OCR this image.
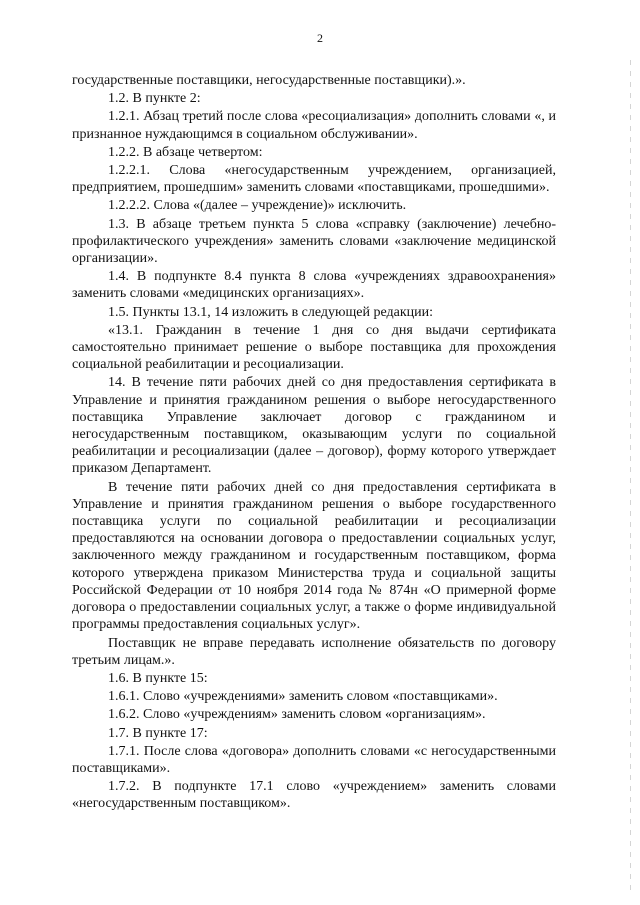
2

государственные поставщики, негосударственные поставщики).».

1.2. В пункте 2:

1.2.1. Абзац третий после слова «ресоциализация» дополнить словами «, и признанное нуждающимся в социальном обслуживании».

1.2.2. В абзаце четвертом:

1.2.2.1. Слова «негосударственным учреждением, организацией, предприятием, прошедшим» заменить словами «поставщиками, прошедшими».

1.2.2.2. Слова «(далее – учреждение)» исключить.

1.3. В абзаце третьем пункта 5 слова «справку (заключение) лечебно-профилактического учреждения» заменить словами «заключение медицинской организации».

1.4. В подпункте 8.4 пункта 8 слова «учреждениях здравоохранения» заменить словами «медицинских организациях».

1.5. Пункты 13.1, 14 изложить в следующей редакции:

«13.1. Гражданин в течение 1 дня со дня выдачи сертификата самостоятельно принимает решение о выборе поставщика для прохождения социальной реабилитации и ресоциализации.

14. В течение пяти рабочих дней со дня предоставления сертификата в Управление и принятия гражданином решения о выборе негосударственного поставщика Управление заключает договор с гражданином и негосударственным поставщиком, оказывающим услуги по социальной реабилитации и ресоциализации (далее – договор), форму которого утверждает приказом Департамент.

В течение пяти рабочих дней со дня предоставления сертификата в Управление и принятия гражданином решения о выборе государственного поставщика услуги по социальной реабилитации и ресоциализации предоставляются на основании договора о предоставлении социальных услуг, заключенного между гражданином и государственным поставщиком, форма которого утверждена приказом Министерства труда и социальной защиты Российской Федерации от 10 ноября 2014 года № 874н «О примерной форме договора о предоставлении социальных услуг, а также о форме индивидуальной программы предоставления социальных услуг».

Поставщик не вправе передавать исполнение обязательств по договору третьим лицам.».

1.6. В пункте 15:

1.6.1. Слово «учреждениями» заменить словом «поставщиками».

1.6.2. Слово «учреждениям» заменить словом «организациям».

1.7. В пункте 17:

1.7.1. После слова «договора» дополнить словами «с негосударственными поставщиками».

1.7.2. В подпункте 17.1 слово «учреждением» заменить словами «негосударственным поставщиком».
